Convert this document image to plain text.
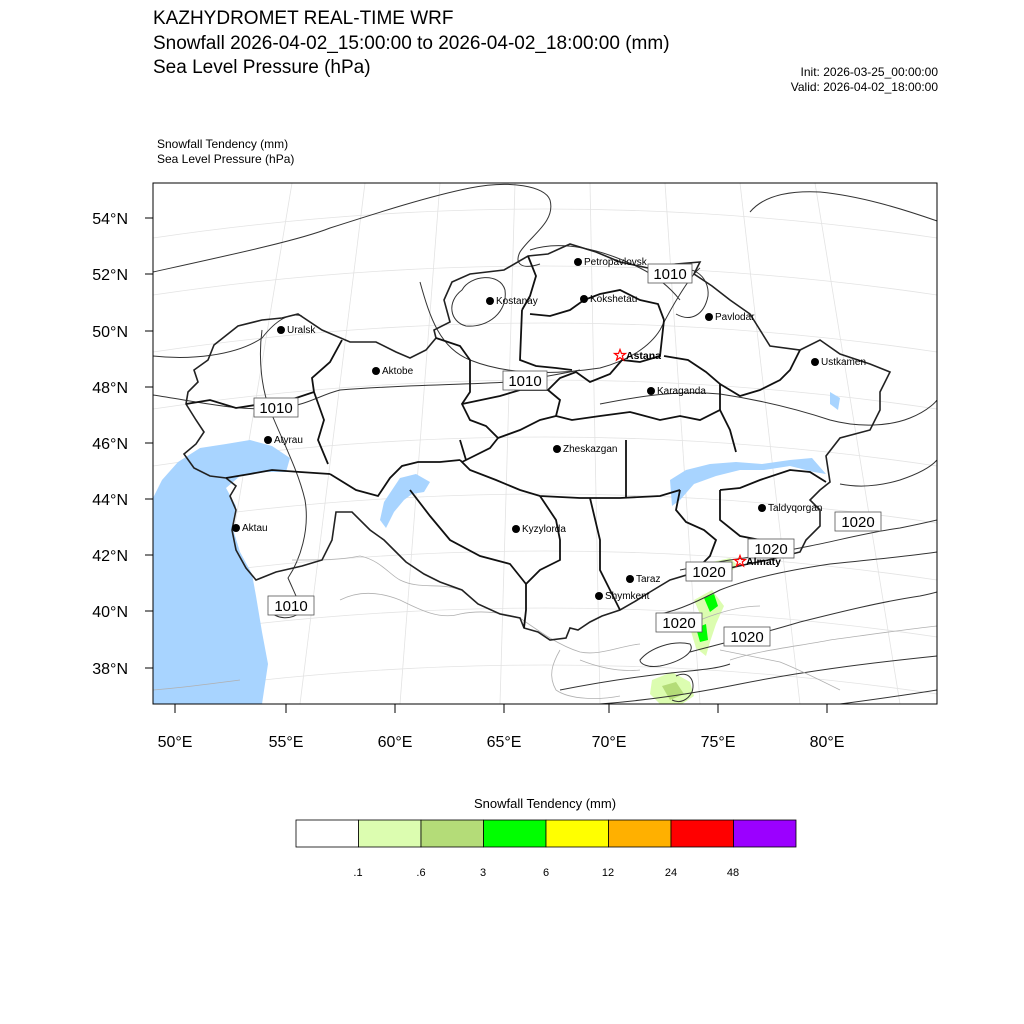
KAZHYDROMET REAL-TIME WRF
Snowfall 2026-04-02_15:00:00 to 2026-04-02_18:00:00 (mm)
Sea Level Pressure (hPa)	Init: 2026-03-25_00:00:00
Valid: 2026-04-02_18:00:00
Snowfall Tendency (mm)
Sea Level Pressure (hPa)
54°N
52°N
50°N
48°N
46°N
44°N
42°N
40°N
38°N
50°E	55°E	60°E	65°E	70°E	75°E	80°E
1010
1010
1010
1010
1020
1020
1020
1020
1020
Petropavlovsk
Kostanay	Kokshetau
Pavlodar
Uralsk
Aktobe
Ustkamen
Karaganda
Atyrau
Zheskazgan
Kyzylorda
Aktau
Taldyqorgan
Taraz
Shymkent
Astana
Almaty
Snowfall Tendency (mm)
.1	.6	3	6	12	24	48
